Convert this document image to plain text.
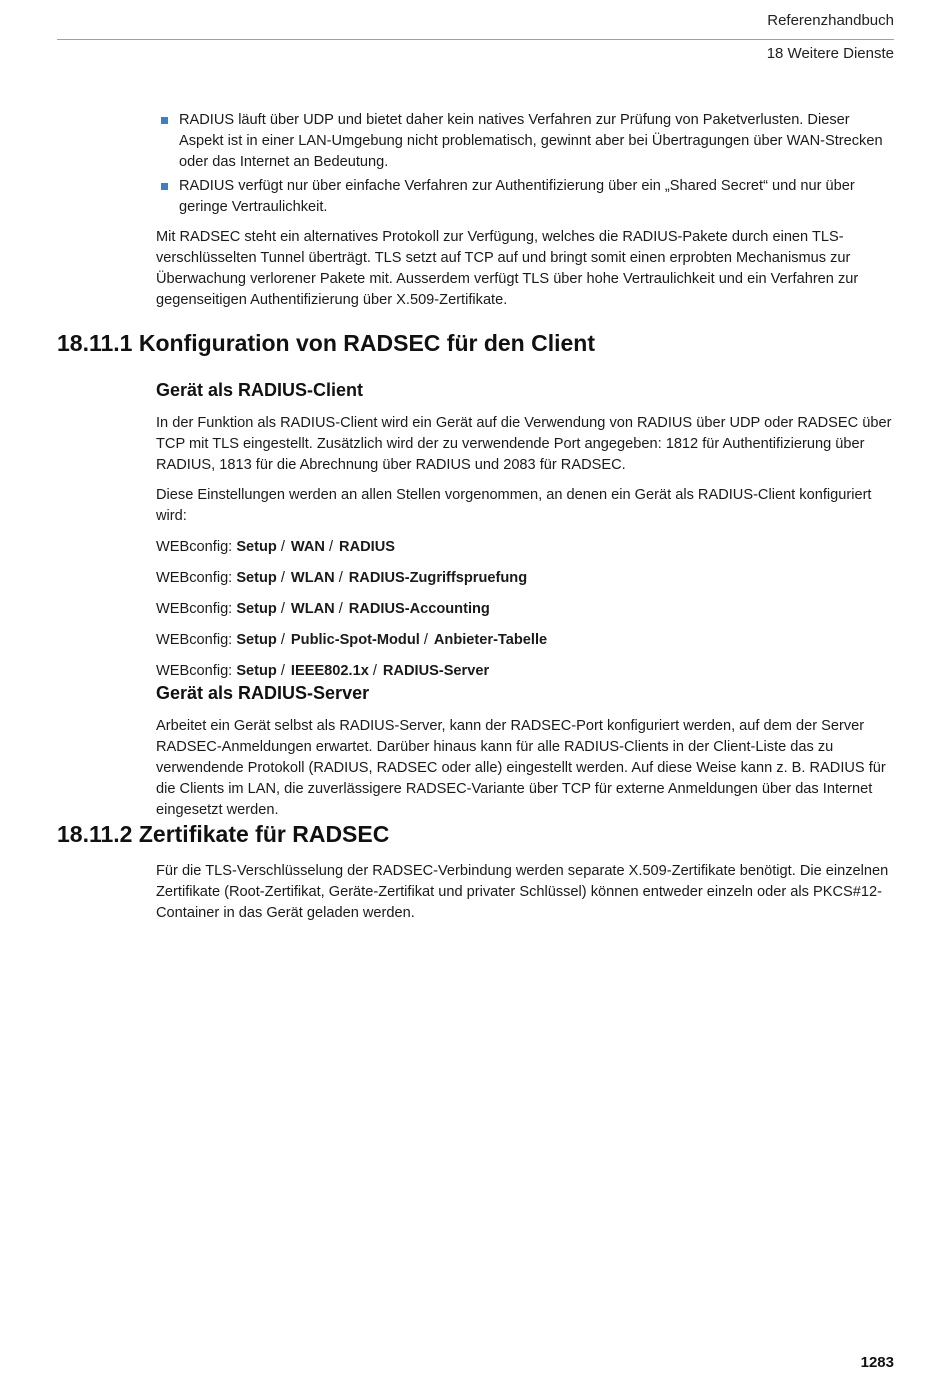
Referenzhandbuch
18 Weitere Dienste
RADIUS läuft über UDP und bietet daher kein natives Verfahren zur Prüfung von Paketverlusten. Dieser Aspekt ist in einer LAN-Umgebung nicht problematisch, gewinnt aber bei Übertragungen über WAN-Strecken oder das Internet an Bedeutung.
RADIUS verfügt nur über einfache Verfahren zur Authentifizierung über ein „Shared Secret“ und nur über geringe Vertraulichkeit.

Mit RADSEC steht ein alternatives Protokoll zur Verfügung, welches die RADIUS-Pakete durch einen TLS-verschlüsselten Tunnel überträgt. TLS setzt auf TCP auf und bringt somit einen erprobten Mechanismus zur Überwachung verlorener Pakete mit. Ausserdem verfügt TLS über hohe Vertraulichkeit und ein Verfahren zur gegenseitigen Authentifizierung über X.509-Zertifikate.

18.11.1 Konfiguration von RADSEC für den Client
Gerät als RADIUS-Client

In der Funktion als RADIUS-Client wird ein Gerät auf die Verwendung von RADIUS über UDP oder RADSEC über TCP mit TLS eingestellt. Zusätzlich wird der zu verwendende Port angegeben: 1812 für Authentifizierung über RADIUS, 1813 für die Abrechnung über RADIUS und 2083 für RADSEC.

Diese Einstellungen werden an allen Stellen vorgenommen, an denen ein Gerät als RADIUS-Client konfiguriert wird:

WEBconfig: Setup / WAN / RADIUS

WEBconfig: Setup / WLAN / RADIUS-Zugriffspruefung

WEBconfig: Setup / WLAN / RADIUS-Accounting

WEBconfig: Setup / Public-Spot-Modul / Anbieter-Tabelle

WEBconfig: Setup / IEEE802.1x / RADIUS-Server

Gerät als RADIUS-Server

Arbeitet ein Gerät selbst als RADIUS-Server, kann der RADSEC-Port konfiguriert werden, auf dem der Server RADSEC-Anmeldungen erwartet. Darüber hinaus kann für alle RADIUS-Clients in der Client-Liste das zu verwendende Protokoll (RADIUS, RADSEC oder alle) eingestellt werden. Auf diese Weise kann z. B. RADIUS für die Clients im LAN, die zuverlässigere RADSEC-Variante über TCP für externe Anmeldungen über das Internet eingesetzt werden.

18.11.2 Zertifikate für RADSEC

Für die TLS-Verschlüsselung der RADSEC-Verbindung werden separate X.509-Zertifikate benötigt. Die einzelnen Zertifikate (Root-Zertifikat, Geräte-Zertifikat und privater Schlüssel) können entweder einzeln oder als PKCS#12-Container in das Gerät geladen werden.

1283
